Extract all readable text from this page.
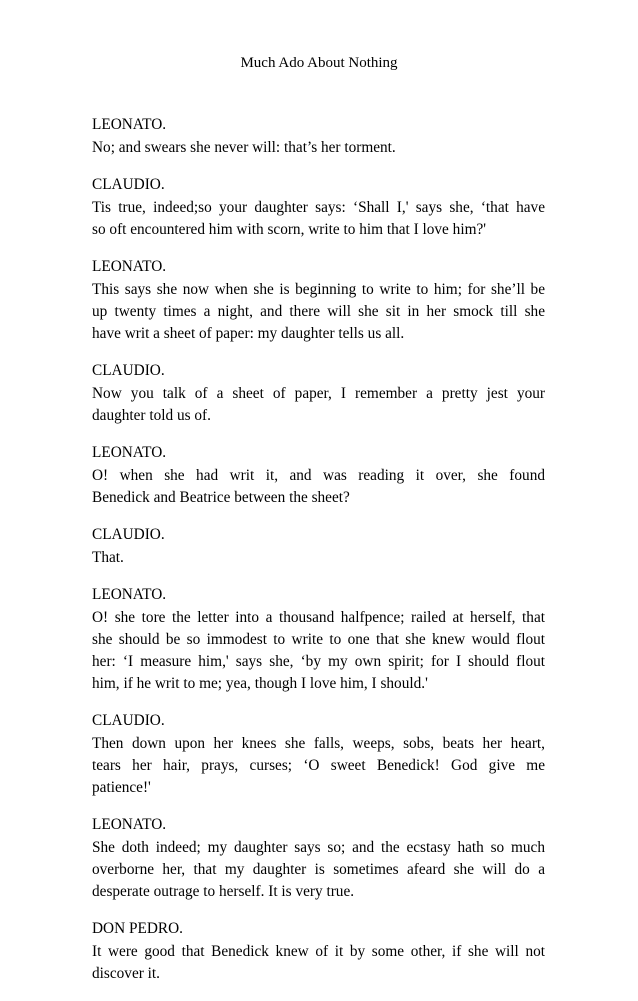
Much Ado About Nothing
LEONATO.
No; and swears she never will: that’s her torment.
CLAUDIO.
Tis true, indeed;so your daughter says: ‘Shall I,' says she, ‘that have
so oft encountered him with scorn, write to him that I love him?'
LEONATO.
This says she now when she is beginning to write to him; for she’ll be
up twenty times a night, and there will she sit in her smock till she
have writ a sheet of paper: my daughter tells us all.
CLAUDIO.
Now you talk of a sheet of paper, I remember a pretty jest your
daughter told us of.
LEONATO.
O! when she had writ it, and was reading it over, she found
Benedick and Beatrice between the sheet?
CLAUDIO.
That.
LEONATO.
O! she tore the letter into a thousand halfpence; railed at herself, that
she should be so immodest to write to one that she knew would flout
her: ‘I measure him,' says she, ‘by my own spirit; for I should flout
him, if he writ to me; yea, though I love him, I should.'
CLAUDIO.
Then down upon her knees she falls, weeps, sobs, beats her heart,
tears her hair, prays, curses; ‘O sweet Benedick! God give me
patience!'
LEONATO.
She doth indeed; my daughter says so; and the ecstasy hath so much
overborne her, that my daughter is sometimes afeard she will do a
desperate outrage to herself. It is very true.
DON PEDRO.
It were good that Benedick knew of it by some other, if she will not
discover it.
